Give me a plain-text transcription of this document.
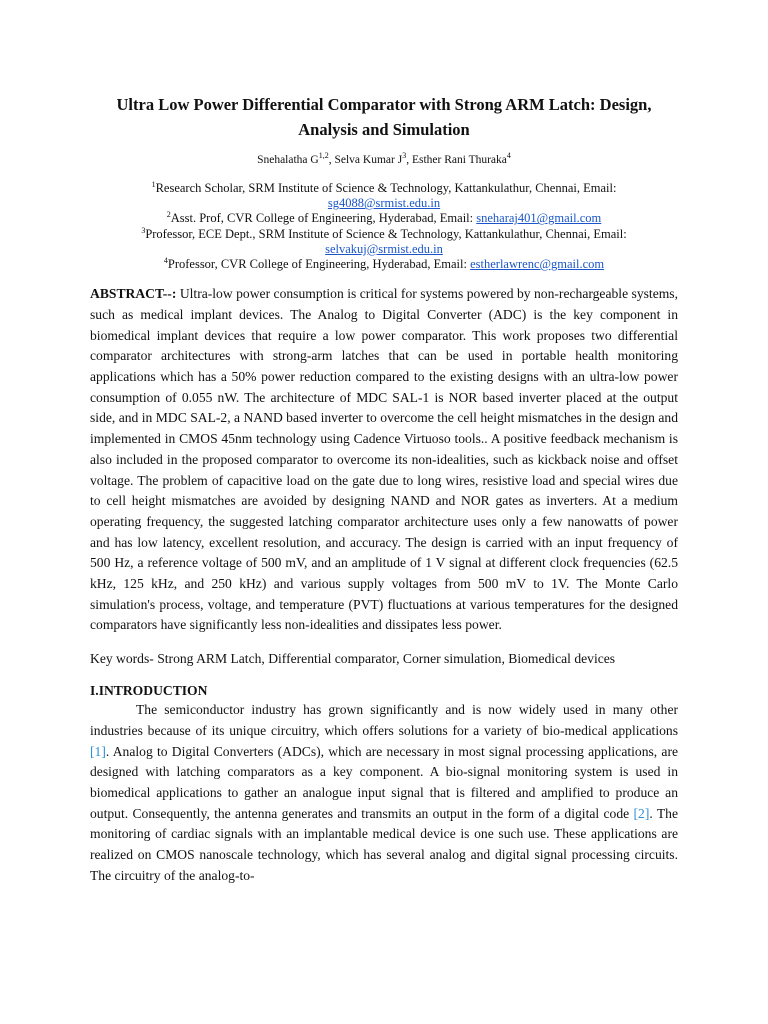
Ultra Low Power Differential Comparator with Strong ARM Latch: Design, Analysis and Simulation

Snehalatha G$^{1,2}$, Selva Kumar $J^3$, Esther Rani Thuraka$^4$

$^1$Research Scholar, SRM Institute of Science & Technology, Kattankulathur, Chennai, Email:
sg4088@srmist.edu.in

$^2$Asst. Prof, CVR College of Engineering, Hyderabad, Email: sneharaj401@gmail.com

$^3$Professor, ECE Dept., SRM Institute of Science & Technology, Kattankulathur, Chennai, Email:
selvakuj@srmist.edu.in

$^4$Professor, CVR College of Engineering, Hyderabad, Email: estherlawrenc@gmail.com

ABSTRACT--: Ultra-low power consumption is critical for systems powered by non-rechargeable systems, such as medical implant devices. The Analog to Digital Converter (ADC) is the key component in biomedical implant devices that require a low power comparator. This work proposes two differential comparator architectures with strong-arm latches that can be used in portable health monitoring applications which has a 50% power reduction compared to the existing designs with an ultra-low power consumption of 0.055 nW. The architecture of MDC SAL-1 is NOR based inverter placed at the output side, and in MDC SAL-2, a NAND based inverter to overcome the cell height mismatches in the design and implemented in CMOS 45nm technology using Cadence Virtuoso tools.. A positive feedback mechanism is also included in the proposed comparator to overcome its non-idealities, such as kickback noise and offset voltage. The problem of capacitive load on the gate due to long wires, resistive load and special wires due to cell height mismatches are avoided by designing NAND and NOR gates as inverters. At a medium operating frequency, the suggested latching comparator architecture uses only a few nanowatts of power and has low latency, excellent resolution, and accuracy. The design is carried with an input frequency of 500 Hz, a reference voltage of 500 mV, and an amplitude of 1 V signal at different clock frequencies (62.5 kHz, 125 kHz, and 250 kHz) and various supply voltages from 500 mV to 1V. The Monte Carlo simulation's process, voltage, and temperature (PVT) fluctuations at various temperatures for the designed comparators have significantly less non-idealities and dissipates less power.

Key words- Strong ARM Latch, Differential comparator, Corner simulation, Biomedical devices

I.INTRODUCTION

The semiconductor industry has grown significantly and is now widely used in many other industries because of its unique circuitry, which offers solutions for a variety of bio-medical applications [1]. Analog to Digital Converters (ADCs), which are necessary in most signal processing applications, are designed with latching comparators as a key component. A bio-signal monitoring system is used in biomedical applications to gather an analogue input signal that is filtered and amplified to produce an output. Consequently, the antenna generates and transmits an output in the form of a digital code [2]. The monitoring of cardiac signals with an implantable medical device is one such use. These applications are realized on CMOS nanoscale technology, which has several analog and digital signal processing circuits. The circuitry of the analog-to-
